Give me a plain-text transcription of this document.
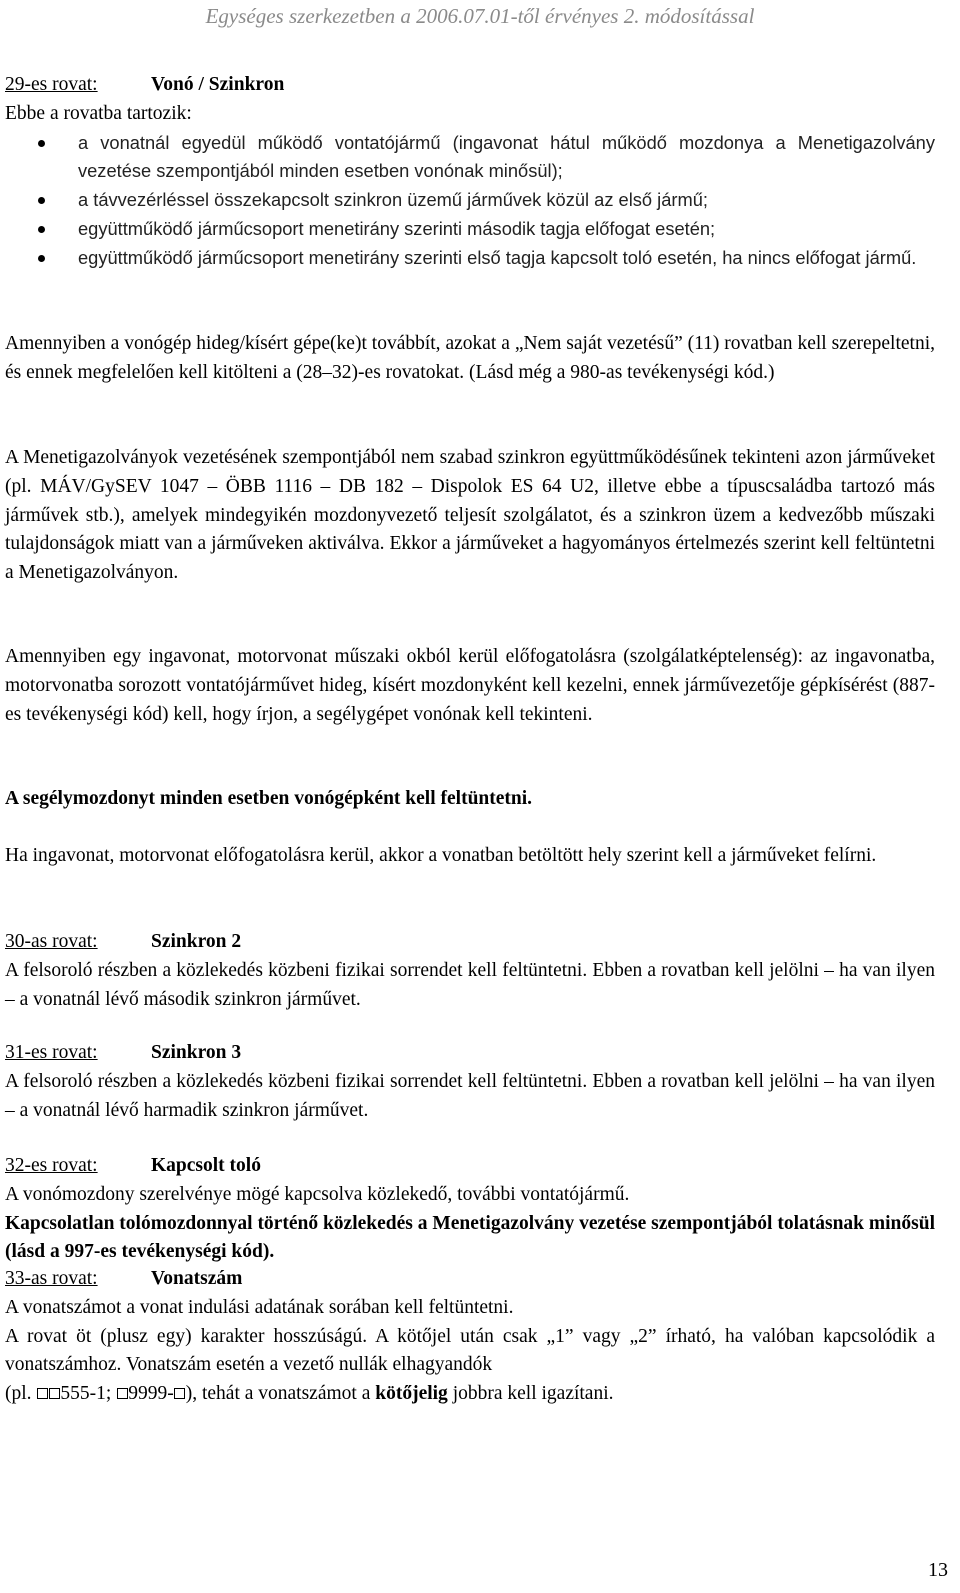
Egységes szerkezetben a 2006.07.01-től érvényes 2. módosítással
29-es rovat:	Vonó / Szinkron
Ebbe a rovatba tartozik:
a vonatnál egyedül működő vontatójármű (ingavonat hátul működő mozdonya a Menetigazolvány vezetése szempontjából minden esetben vonónak minősül);
a távvezérléssel összekapcsolt szinkron üzemű járművek közül az első jármű;
együttműködő járműcsoport menetirány szerinti második tagja előfogat esetén;
együttműködő járműcsoport menetirány szerinti első tagja kapcsolt toló esetén, ha nincs előfogat jármű.
Amennyiben a vonógép hideg/kísért gépe(ke)t továbbít, azokat a „Nem saját vezetésű” (11) rovatban kell szerepeltetni, és ennek megfelelően kell kitölteni a (28–32)-es rovatokat. (Lásd még a 980-as tevékenységi kód.)
A Menetigazolványok vezetésének szempontjából nem szabad szinkron együttműködésűnek tekinteni azon járműveket (pl. MÁV/GySEV 1047 – ÖBB 1116 – DB 182 – Dispolok ES 64 U2, illetve ebbe a típuscsaládba tartozó más járművek stb.), amelyek mindegyikén mozdonyvezető teljesít szolgálatot, és a szinkron üzem a kedvezőbb műszaki tulajdonságok miatt van a járműveken aktiválva. Ekkor a járműveket a hagyományos értelmezés szerint kell feltüntetni a Menetigazolványon.
Amennyiben egy ingavonat, motorvonat műszaki okból kerül előfogatolásra (szolgálatképtelenség): az ingavonatba, motorvonatba sorozott vontatójárművet hideg, kísért mozdonyként kell kezelni, ennek járművezetője gépkísérést (887-es tevékenységi kód) kell, hogy írjon, a segélygépet vonónak kell tekinteni.
A segélymozdonyt minden esetben vonógépként kell feltüntetni.
Ha ingavonat, motorvonat előfogatolásra kerül, akkor a vonatban betöltött hely szerint kell a járműveket felírni.
30-as rovat:	Szinkron 2
A felsoroló részben a közlekedés közbeni fizikai sorrendet kell feltüntetni. Ebben a rovatban kell jelölni – ha van ilyen – a vonatnál lévő második szinkron járművet.
31-es rovat:	Szinkron 3
A felsoroló részben a közlekedés közbeni fizikai sorrendet kell feltüntetni. Ebben a rovatban kell jelölni – ha van ilyen – a vonatnál lévő harmadik szinkron járművet.
32-es rovat:	Kapcsolt toló
A vonómozdony szerelvénye mögé kapcsolva közlekedő, további vontatójármű.
Kapcsolatlan tolómozdonnyal történő közlekedés a Menetigazolvány vezetése szempontjából tolatásnak minősül (lásd a 997-es tevékenységi kód).
33-as rovat:	Vonatszám
A vonatszámot a vonat indulási adatának sorában kell feltüntetni.
A rovat öt (plusz egy) karakter hosszúságú. A kötőjel után csak „1” vagy „2” írható, ha valóban kapcsolódik a vonatszámhoz. Vonatszám esetén a vezető nullák elhagyandók
(pl. 555-1; 9999- ), tehát a vonatszámot a kötőjelig jobbra kell igazítani.
13
